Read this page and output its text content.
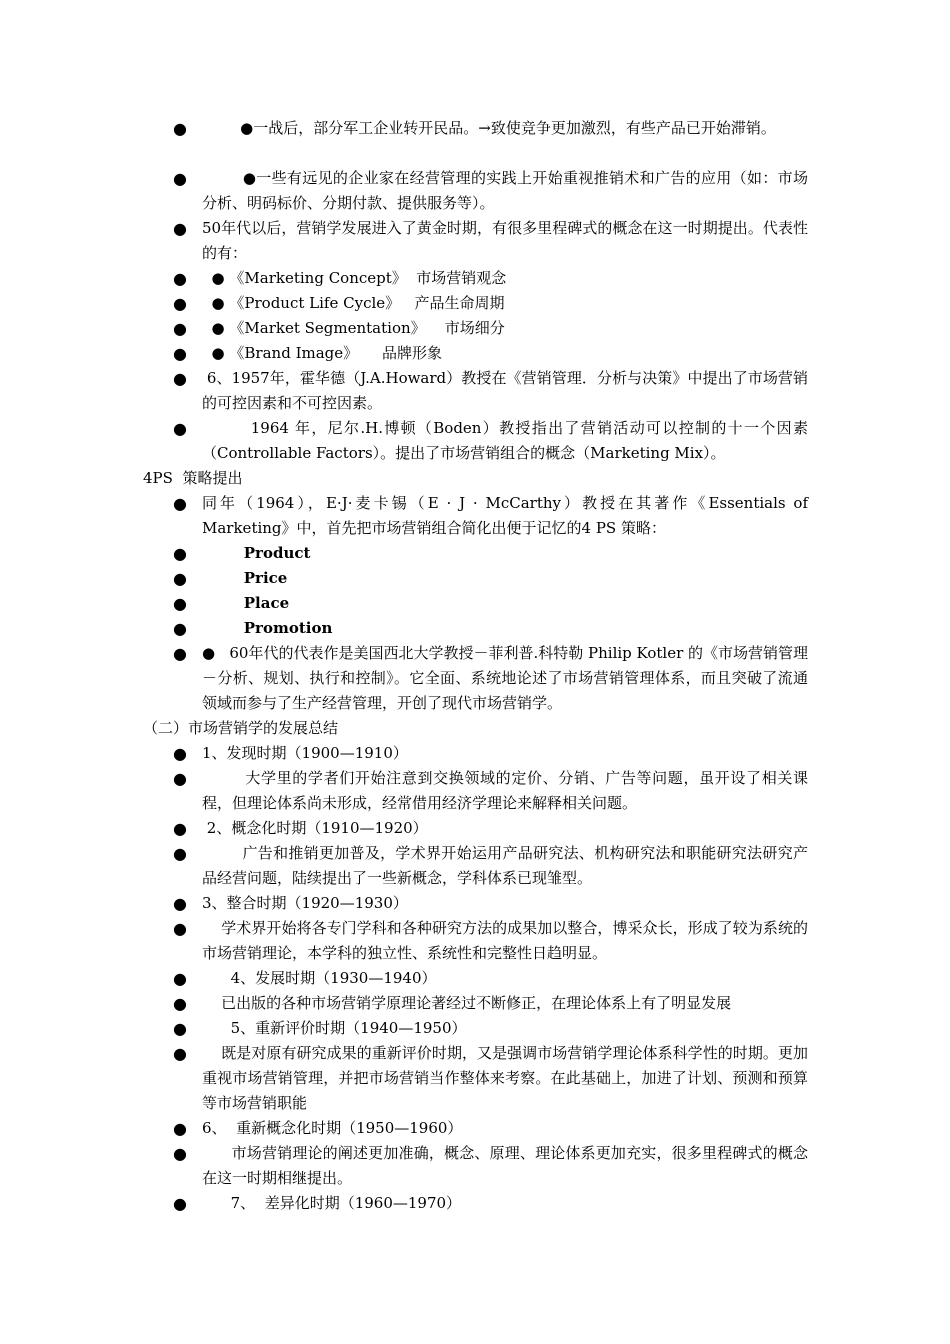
● ●一战后，部分军工企业转开民品。→致使竞争更加激烈，有些产品已开始滞销。
● ●一些有远见的企业家在经营管理的实践上开始重视推销术和广告的应用（如：市场分析、明码标价、分期付款、提供服务等）。
● 50年代以后，营销学发展进入了黄金时期，有很多里程碑式的概念在这一时期提出。代表性的有：
● ● 《Marketing Concept》  市场营销观念
● ● 《Product Life Cycle》   产品生命周期
● ● 《Market Segmentation》    市场细分
● ● 《Brand Image》     品牌形象
● 6、1957年，霍华德（J.A.Howard）教授在《营销管理．分析与决策》中提出了市场营销的可控因素和不可控因素。
● 1964 年，尼尔.H.博顿（Boden）教授指出了营销活动可以控制的十一个因素（Controllable Factors）。提出了市场营销组合的概念（Marketing Mix）。
4PS  策略提出
● 同年（1964），E·J·麦卡锡（E · J · McCarthy）教授在其著作《Essentials of Marketing》中，首先把市场营销组合简化出便于记忆的4 PS 策略：
● Product
● Price
● Place
● Promotion
● ●   60年代的代表作是美国西北大学教授－菲利普.科特勒 Philip Kotler 的《市场营销管理－分析、规划、执行和控制》。它全面、系统地论述了市场营销管理体系，而且突破了流通领域而参与了生产经营管理，开创了现代市场营销学。
（二）市场营销学的发展总结
● 1、发现时期（1900—1910）
● 大学里的学者们开始注意到交换领域的定价、分销、广告等问题，虽开设了相关课程，但理论体系尚未形成，经常借用经济学理论来解释相关问题。
● 2、概念化时期（1910—1920）
● 广告和推销更加普及，学术界开始运用产品研究法、机构研究法和职能研究法研究产品经营问题，陆续提出了一些新概念，学科体系已现雏型。
● 3、整合时期（1920—1930）
● 学术界开始将各专门学科和各种研究方法的成果加以整合，博采众长，形成了较为系统的市场营销理论，本学科的独立性、系统性和完整性日趋明显。
● 4、发展时期（1930—1940）
● 已出版的各种市场营销学原理论著经过不断修正，在理论体系上有了明显发展
● 5、重新评价时期（1940—1950）
● 既是对原有研究成果的重新评价时期，又是强调市场营销学理论体系科学性的时期。更加重视市场营销管理，并把市场营销当作整体来考察。在此基础上，加进了计划、预测和预算等市场营销职能
● 6、  重新概念化时期（1950—1960）
● 市场营销理论的阐述更加准确，概念、原理、理论体系更加充实，很多里程碑式的概念在这一时期相继提出。
● 7、  差异化时期（1960—1970）
